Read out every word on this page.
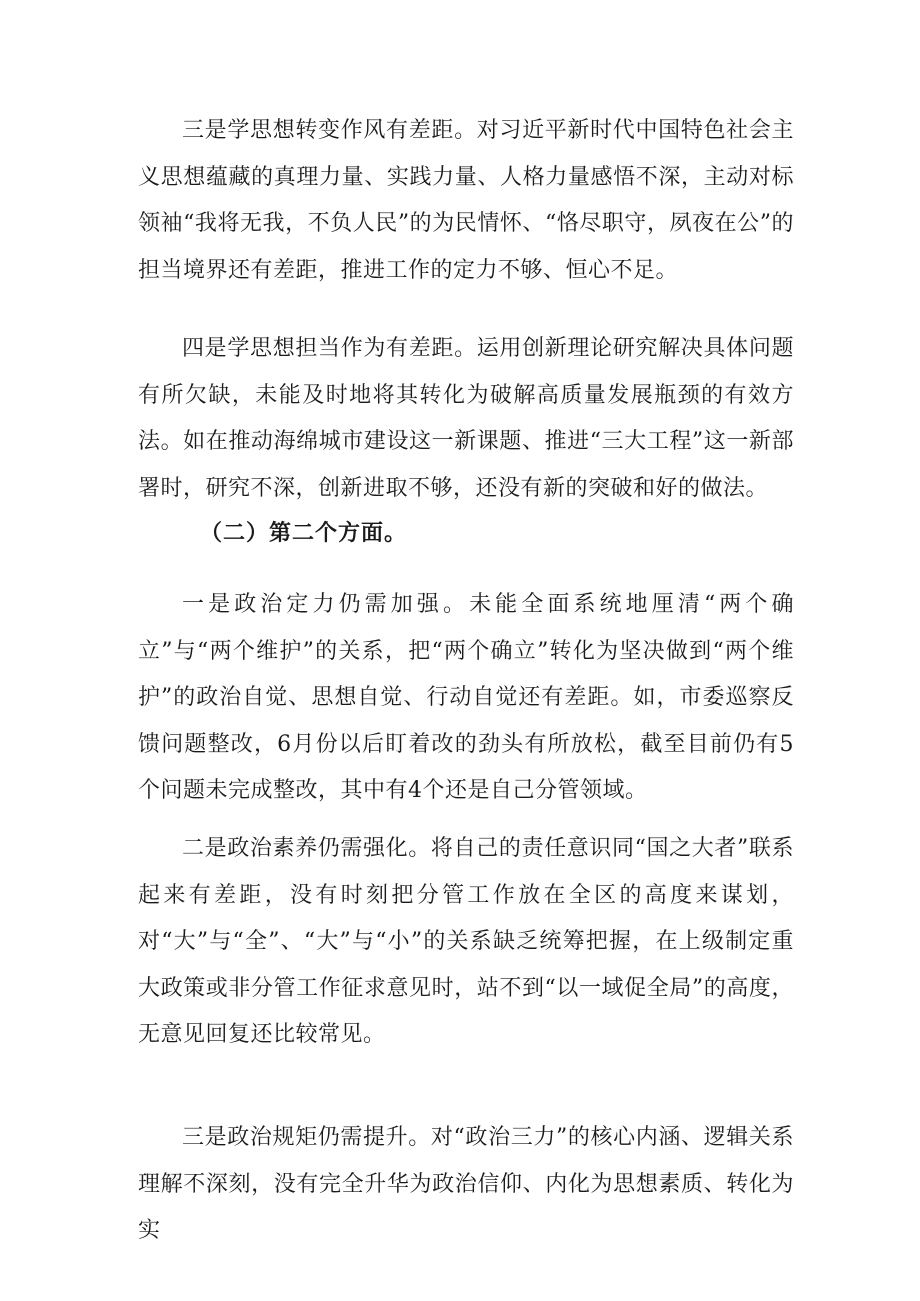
三是学思想转变作风有差距。对习近平新时代中国特色社会主义思想蕴藏的真理力量、实践力量、人格力量感悟不深，主动对标领袖“我将无我，不负人民”的为民情怀、“恪尽职守，夙夜在公”的担当境界还有差距，推进工作的定力不够、恒心不足。

四是学思想担当作为有差距。运用创新理论研究解决具体问题有所欠缺，未能及时地将其转化为破解高质量发展瓶颈的有效方法。如在推动海绵城市建设这一新课题、推进“三大工程”这一新部署时，研究不深，创新进取不够，还没有新的突破和好的做法。

（二）第二个方面。

一是政治定力仍需加强。未能全面系统地厘清“两个确立”与“两个维护”的关系，把“两个确立”转化为坚决做到“两个维护”的政治自觉、思想自觉、行动自觉还有差距。如，市委巡察反馈问题整改，6月份以后盯着改的劲头有所放松，截至目前仍有5个问题未完成整改，其中有4个还是自己分管领域。

二是政治素养仍需强化。将自己的责任意识同“国之大者”联系起来有差距，没有时刻把分管工作放在全区的高度来谋划，对“大”与“全”、“大”与“小”的关系缺乏统筹把握，在上级制定重大政策或非分管工作征求意见时，站不到“以一域促全局”的高度，无意见回复还比较常见。

三是政治规矩仍需提升。对“政治三力”的核心内涵、逻辑关系理解不深刻，没有完全升华为政治信仰、内化为思想素质、转化为实
